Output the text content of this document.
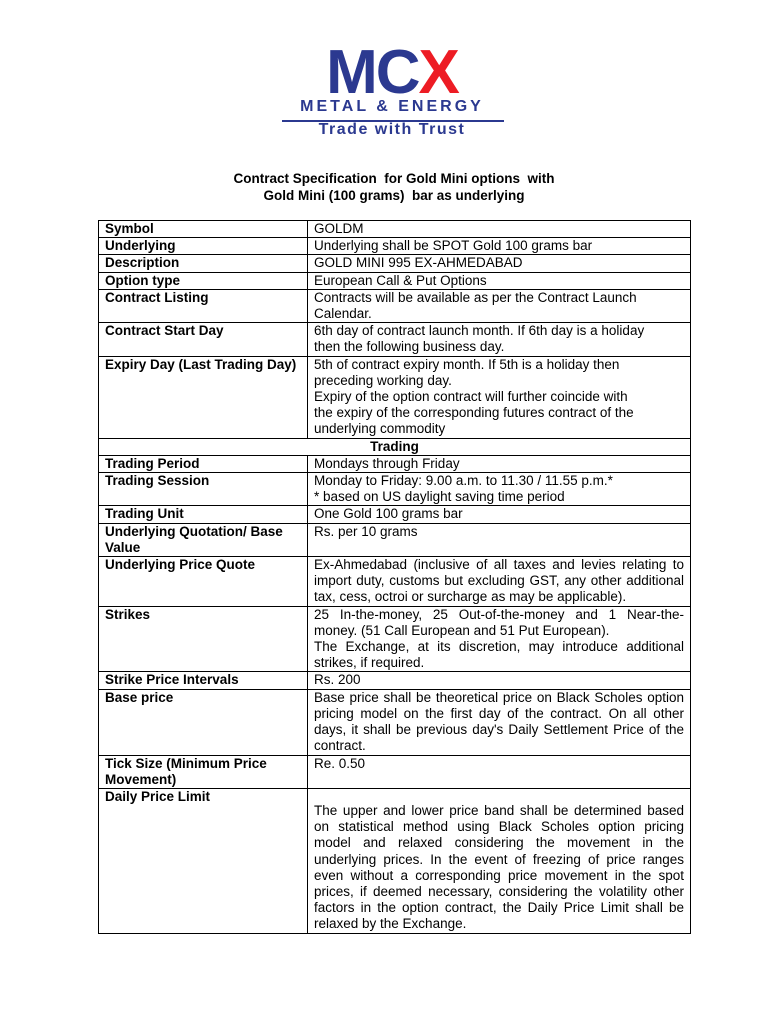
MCX
METAL & ENERGY
Trade with Trust
Contract Specification  for Gold Mini options  with
Gold Mini (100 grams)  bar as underlying
Symbol	GOLDM

Underlying	Underlying shall be SPOT Gold 100 grams bar

Description	GOLD MINI 995 EX-AHMEDABAD

Option type	European Call & Put Options

Contract Listing	Contracts will be available as per the Contract Launch
Calendar.

Contract Start Day	6th day of contract launch month. If 6th day is a holiday
then the following business day.

Expiry Day (Last Trading Day)	5th of contract expiry month. If 5th is a holiday then
preceding working day.
Expiry of the option contract will further coincide with
the expiry of the corresponding futures contract of the
underlying commodity

Trading	
Trading Period	Mondays through Friday

Trading Session	Monday to Friday: 9.00 a.m. to 11.30 / 11.55 p.m.*
* based on US daylight saving time period

Trading Unit	One Gold 100 grams bar

Underlying Quotation/ Base Value	Rs. per 10 grams

Underlying Price Quote	Ex-Ahmedabad (inclusive of all taxes and levies relating to import duty, customs but excluding GST, any other additional tax, cess, octroi or surcharge as may be applicable).

Strikes	25 In-the-money, 25 Out-of-the-money and 1 Near-the-money. (51 Call European and 51 Put European).
The Exchange, at its discretion, may introduce additional strikes, if required.

Strike Price Intervals	Rs. 200

Base price	Base price shall be theoretical price on Black Scholes option pricing model on the first day of the contract. On all other days, it shall be previous day's Daily Settlement Price of the contract.

Tick Size (Minimum Price Movement)	Re. 0.50

Daily Price Limit	The upper and lower price band shall be determined based on statistical method using Black Scholes option pricing model and relaxed considering the movement in the underlying prices. In the event of freezing of price ranges even without a corresponding price movement in the spot prices, if deemed necessary, considering the volatility other factors in the option contract, the Daily Price Limit shall be relaxed by the Exchange.
